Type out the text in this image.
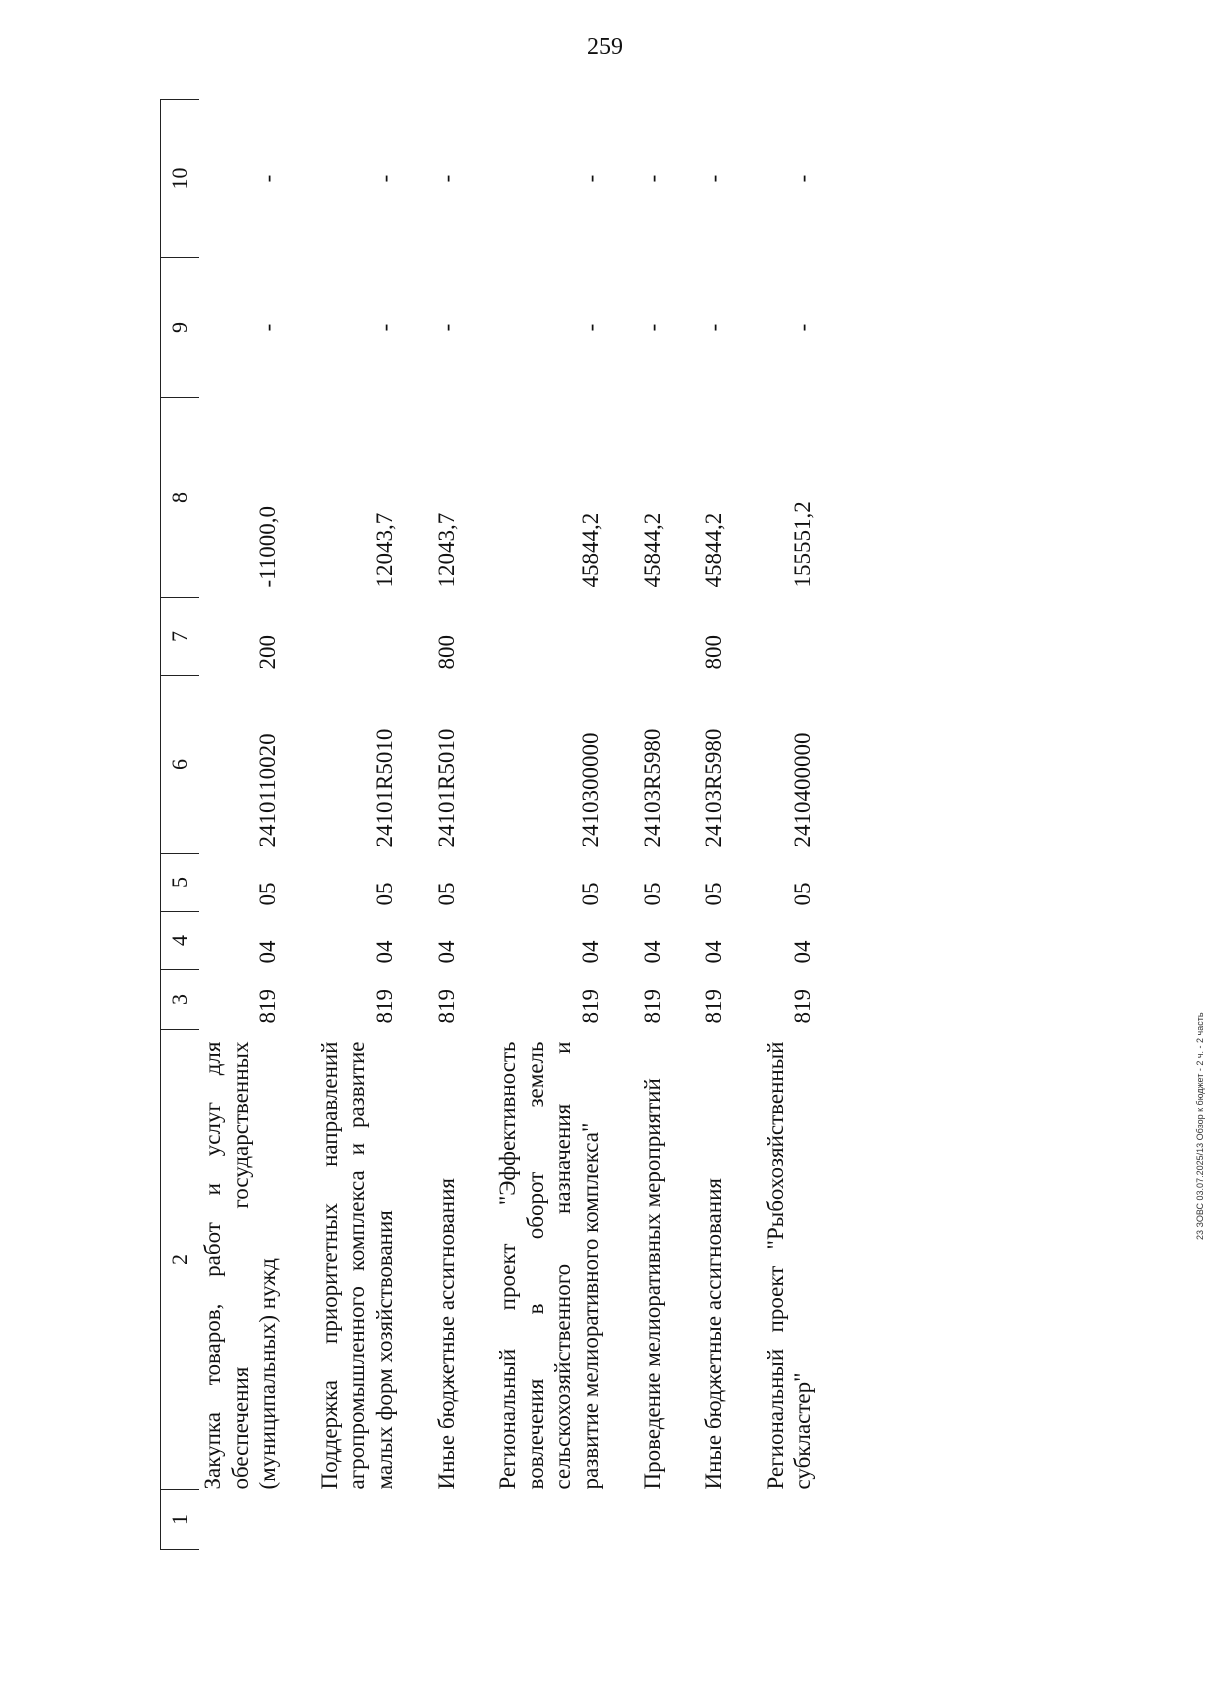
259
1	2	3	4	5	6	7	8	9	10
	Закупка товаров, работ и услуг для обеспечения государственных (муниципальных) нужд	819	04	05	2410110020	200	-11000,0	-	-

	Поддержка приоритетных направлений агропромышленного комплекса и развитие малых форм хозяйствования	819	04	05	24101R5010		12043,7	-	-

	Иные бюджетные ассигнования	819	04	05	24101R5010	800	12043,7	-	-

	Региональный проект "Эффективность вовлечения в оборот земель сельскохозяйственного назначения и развитие мелиоративного комплекса"	819	04	05	2410300000		45844,2	-	-

	Проведение мелиоративных мероприятий	819	04	05	24103R5980		45844,2	-	-

	Иные бюджетные ассигнования	819	04	05	24103R5980	800	45844,2	-	-

	Региональный проект "Рыбохозяйственный субкластер"	819	04	05	2410400000		155551,2	-	-
23 ЗОВС 03.07.2025/13 Обзор к бюджет - 2 ч. - 2 часть
